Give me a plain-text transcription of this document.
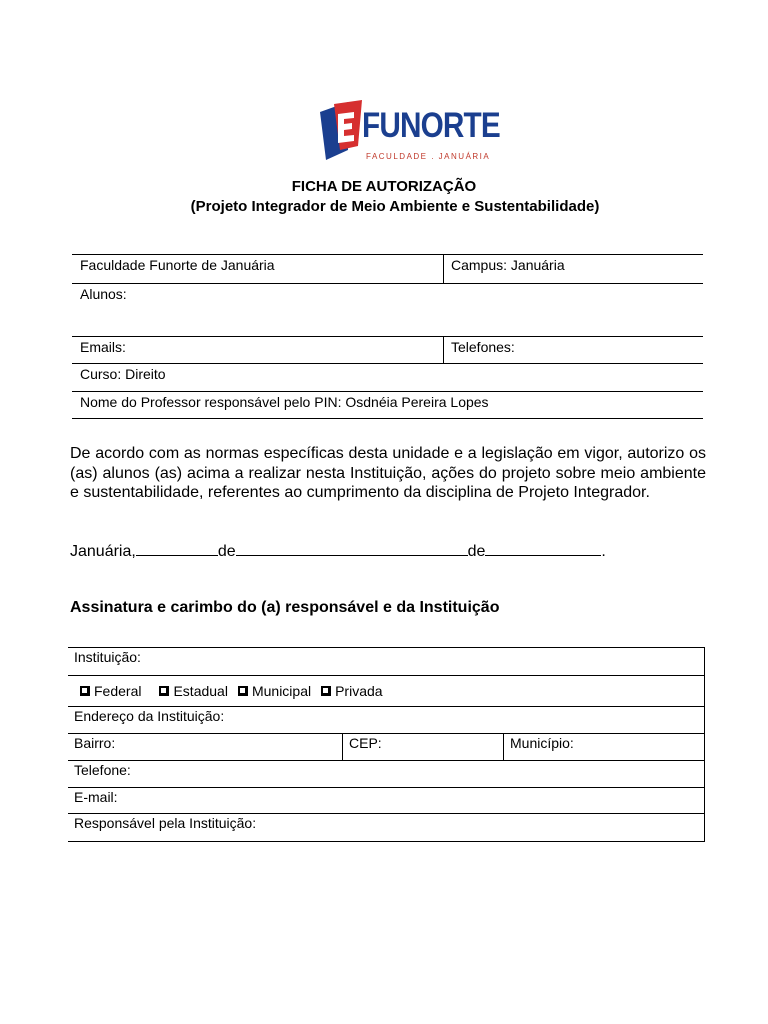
FUNORTE
FACULDADE . JANUÁRIA
FICHA DE AUTORIZAÇÃO
(Projeto Integrador de Meio Ambiente e Sustentabilidade)
Faculdade Funorte de Januária	Campus: Januária
Alunos:
Emails:	Telefones:
Curso: Direito
Nome do Professor responsável pelo PIN: Osdnéia Pereira Lopes
De acordo com as normas específicas desta unidade e a legislação em vigor, autorizo os (as) alunos (as) acima a realizar nesta Instituição, ações do projeto sobre meio ambiente e sustentabilidade, referentes ao cumprimento da disciplina de Projeto Integrador.
Januária,	de	de	.
Assinatura e carimbo do (a) responsável e da Instituição
Instituição:
Federal Estadual Municipal Privada
Endereço da Instituição:
Bairro:	CEP:	Município:
Telefone:
E-mail:
Responsável pela Instituição:
